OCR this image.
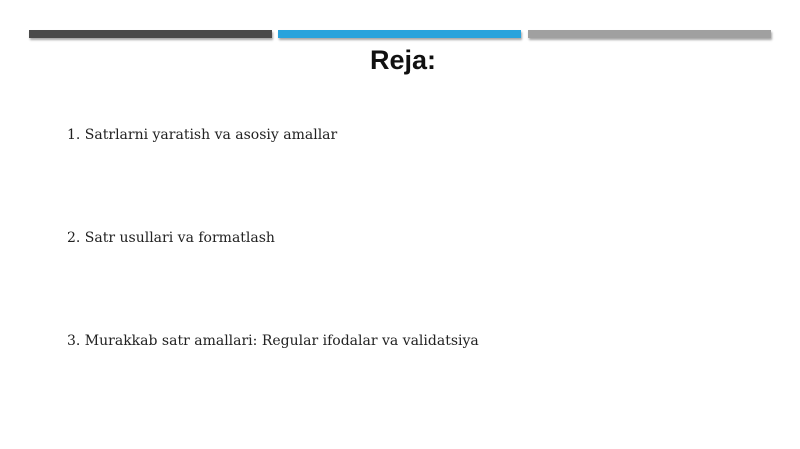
Reja:
1. Satrlarni yaratish va asosiy amallar
2. Satr usullari va formatlash
3. Murakkab satr amallari: Regular ifodalar va validatsiya
